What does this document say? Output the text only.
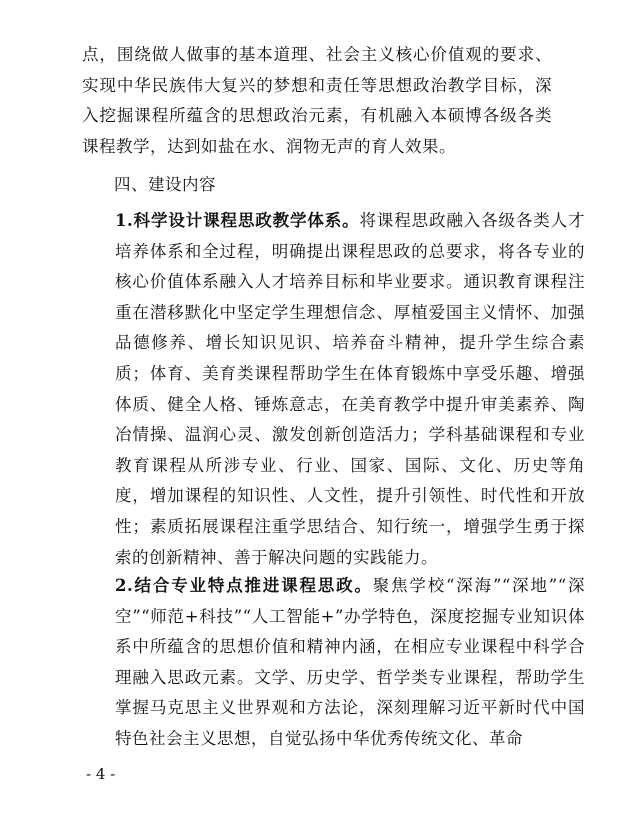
点，围绕做人做事的基本道理、社会主义核心价值观的要求、实现中华民族伟大复兴的梦想和责任等思想政治教学目标，深入挖掘课程所蕴含的思想政治元素，有机融入本硕博各级各类课程教学，达到如盐在水、润物无声的育人效果。
四、建设内容
1.科学设计课程思政教学体系。将课程思政融入各级各类人才培养体系和全过程，明确提出课程思政的总要求，将各专业的核心价值体系融入人才培养目标和毕业要求。通识教育课程注重在潜移默化中坚定学生理想信念、厚植爱国主义情怀、加强品德修养、增长知识见识、培养奋斗精神，提升学生综合素质；体育、美育类课程帮助学生在体育锻炼中享受乐趣、增强体质、健全人格、锤炼意志，在美育教学中提升审美素养、陶冶情操、温润心灵、激发创新创造活力；学科基础课程和专业教育课程从所涉专业、行业、国家、国际、文化、历史等角度，增加课程的知识性、人文性，提升引领性、时代性和开放性；素质拓展课程注重学思结合、知行统一，增强学生勇于探索的创新精神、善于解决问题的实践能力。
2.结合专业特点推进课程思政。聚焦学校“深海”“深地”“深空”“师范+科技”“人工智能+”办学特色，深度挖掘专业知识体系中所蕴含的思想价值和精神内涵，在相应专业课程中科学合理融入思政元素。文学、历史学、哲学类专业课程，帮助学生掌握马克思主义世界观和方法论，深刻理解习近平新时代中国特色社会主义思想，自觉弘扬中华优秀传统文化、革命
- 4 -
